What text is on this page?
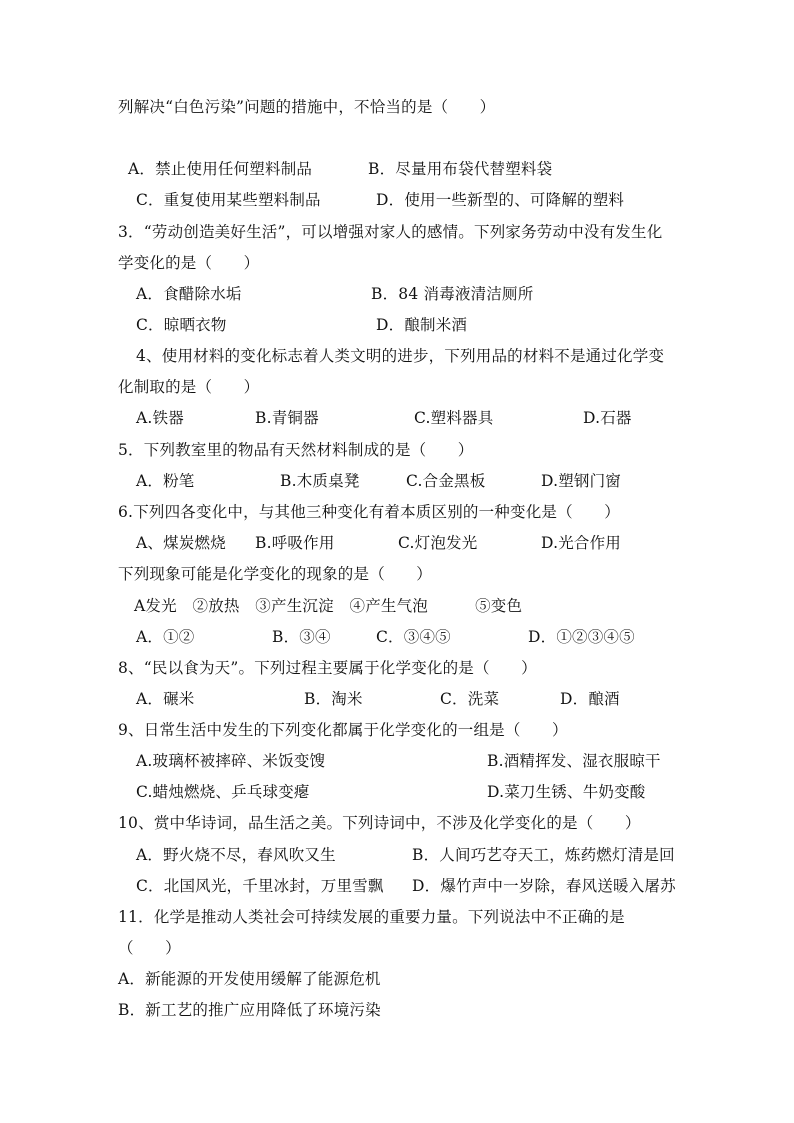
列解决“白色污染”问题的措施中，不恰当的是（　　）
A．禁止使用任何塑料制品	B．尽量用布袋代替塑料袋
C．重复使用某些塑料制品	D．使用一些新型的、可降解的塑料
3．“劳动创造美好生活”，可以增强对家人的感情。下列家务劳动中没有发生化
学变化的是（　　）
A．食醋除水垢	B．84 消毒液清洁厕所
C．晾晒衣物	D．酿制米酒
4、使用材料的变化标志着人类文明的进步，下列用品的材料不是通过化学变
化制取的是（　　）
A.铁器	B.青铜器	C.塑料器具	D.石器
5．下列教室里的物品有天然材料制成的是（　　）
A．粉笔	B.木质桌凳	C.合金黑板	D.塑钢门窗
6.下列四各变化中，与其他三种变化有着本质区别的一种变化是（　　）
A、煤炭燃烧 B.呼吸作用	C.灯泡发光	D.光合作用
下列现象可能是化学变化的现象的是（　　）
A发光　②放热　③产生沉淀　④产生气泡　　　⑤变色
A．①②	B．③④	C．③④⑤	D．①②③④⑤
8、“民以食为天”。下列过程主要属于化学变化的是（　　）
A．碾米	B．淘米	C．洗菜	D．酿酒
9、日常生活中发生的下列变化都属于化学变化的一组是（　　）
A.玻璃杯被摔碎、米饭变馊	B.酒精挥发、湿衣服晾干
C.蜡烛燃烧、乒乓球变瘪	D.菜刀生锈、牛奶变酸
10、赏中华诗词，品生活之美。下列诗词中，不涉及化学变化的是（　　）
A．野火烧不尽，春风吹又生	B．人间巧艺夺天工，炼药燃灯清是回
C．北国风光，千里冰封，万里雪飘 D．爆竹声中一岁除，春风送暖入屠苏
11．化学是推动人类社会可持续发展的重要力量。下列说法中不正确的是
（　　）
A．新能源的开发使用缓解了能源危机
B．新工艺的推广应用降低了环境污染
